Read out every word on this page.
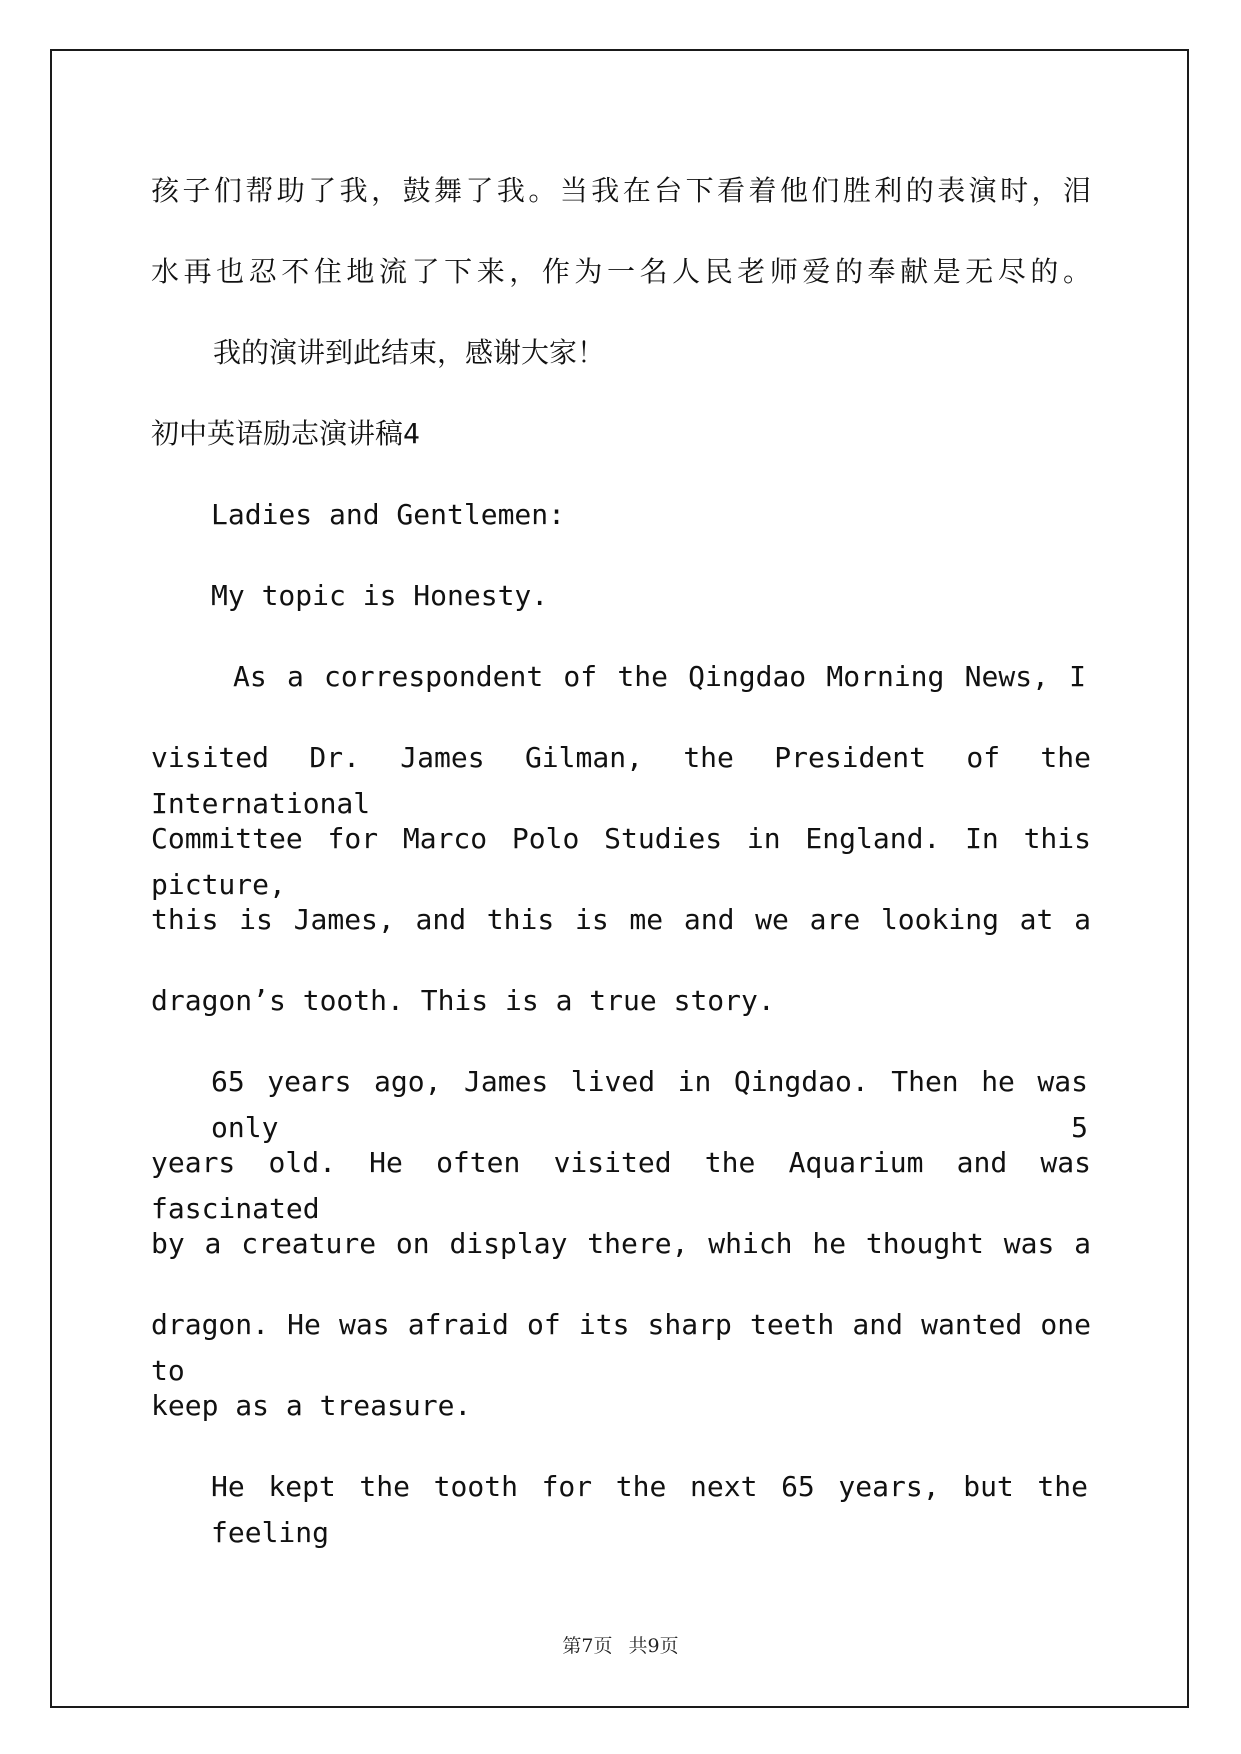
孩子们帮助了我，鼓舞了我。当我在台下看着他们胜利的表演时，泪
水再也忍不住地流了下来，作为一名人民老师爱的奉献是无尽的。
我的演讲到此结束，感谢大家！
初中英语励志演讲稿4
Ladies and Gentlemen:
My topic is Honesty.
As a correspondent of the Qingdao Morning News, I
visited Dr. James Gilman, the President of the International
Committee for Marco Polo Studies in England. In this picture,
this is James, and this is me and we are looking at a
dragon’s tooth. This is a true story.
65 years ago, James lived in Qingdao. Then he was only 5
years old. He often visited the Aquarium and was fascinated
by a creature on display there, which he thought was a
dragon. He was afraid of its sharp teeth and wanted one to
keep as a treasure.
He kept the tooth for the next 65 years, but the feeling
第7页 共9页
